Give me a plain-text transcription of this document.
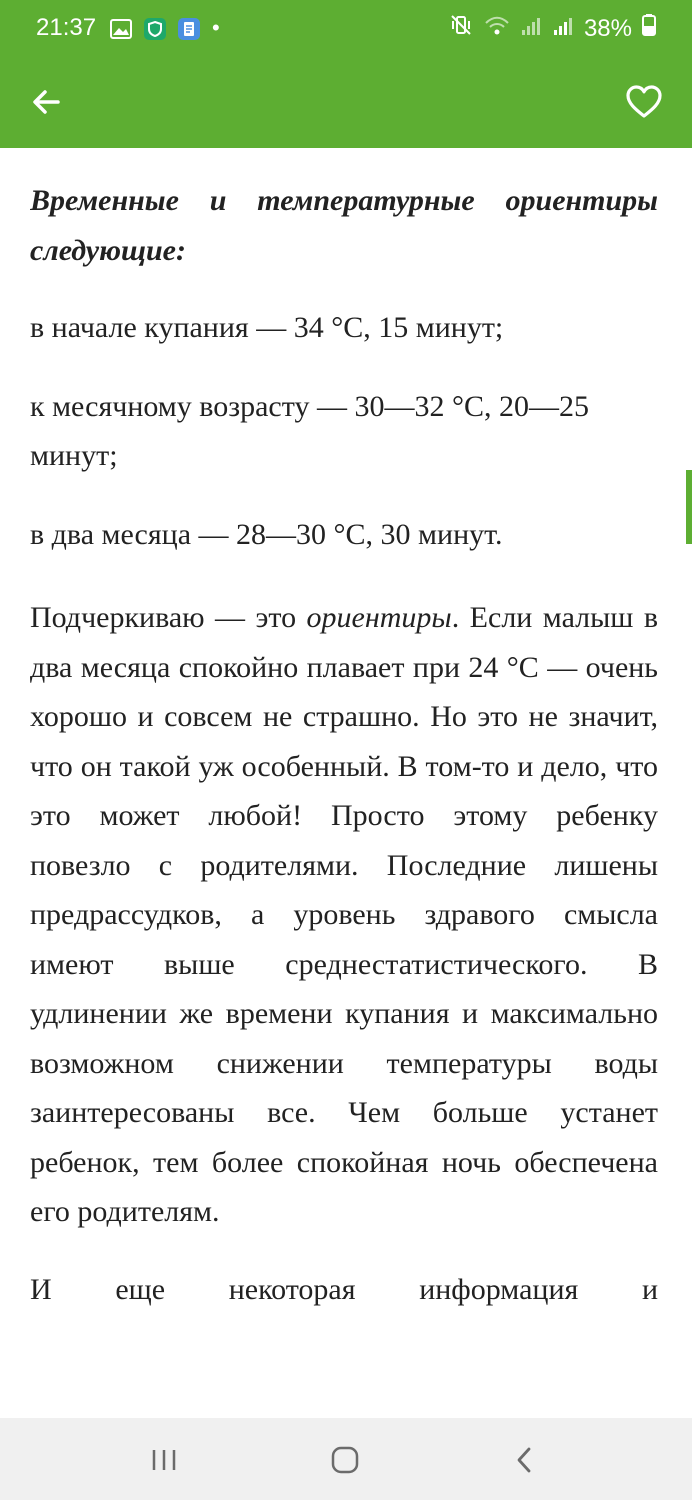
21:37	•	38%

Временные и температурные ориентиры следующие:

в начале купания — 34 °С, 15 минут;

к месячному возрасту — 30—32 °С, 20—25 минут;

в два месяца — 28—30 °С, 30 минут.

Подчеркиваю — это ориентиры. Если малыш в два месяца спокойно плавает при 24 °С — очень хорошо и совсем не страшно. Но это не значит, что он такой уж особенный. В том-то и дело, что это может любой! Просто этому ребенку повезло с родителями. Последние лишены предрассудков, а уровень здравого смысла имеют выше среднестатистического. В удлинении же времени купания и максимально возможном снижении температуры воды заинтересованы все. Чем больше устанет ребенок, тем более спокойная ночь обеспечена его родителям.

И еще некоторая информация и
